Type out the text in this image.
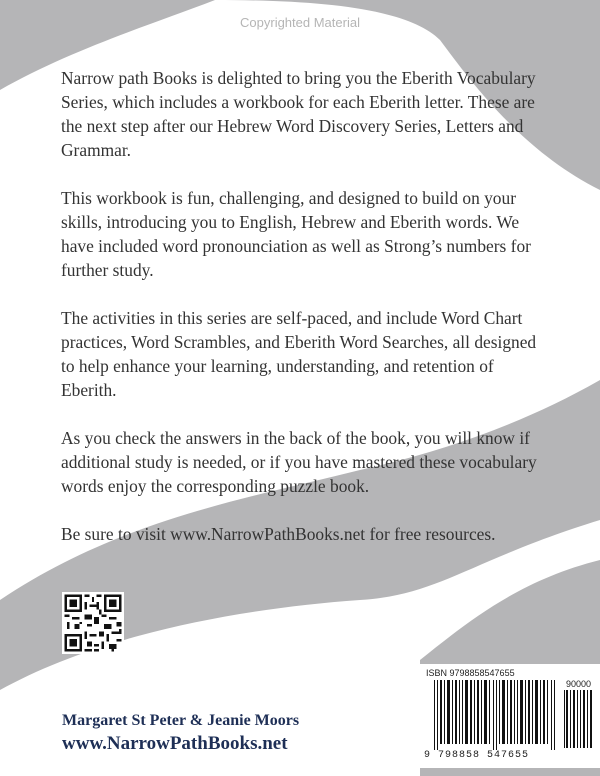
Copyrighted Material

Narrow path Books is delighted to bring you the Eberith Vocabulary Series, which includes a workbook for each Eberith letter. These are the next step after our Hebrew Word Discovery Series, Letters and Grammar.

This workbook is fun, challenging, and designed to build on your skills, introducing you to English, Hebrew and Eberith words. We have included word pronounciation as well as Strong’s numbers for further study.

The activities in this series are self-paced, and include Word Chart practices, Word Scrambles, and Eberith Word Searches, all designed to help enhance your learning, understanding, and retention of Eberith.

As you check the answers in the back of the book, you will know if additional study is needed, or if you have mastered these vocabulary words enjoy the corresponding puzzle book.

Be sure to visit www.NarrowPathBooks.net for free resources.

Margaret St Peter & Jeanie Moors
www.NarrowPathBooks.net
ISBN 9798858547655
90000
9 798858 547655
